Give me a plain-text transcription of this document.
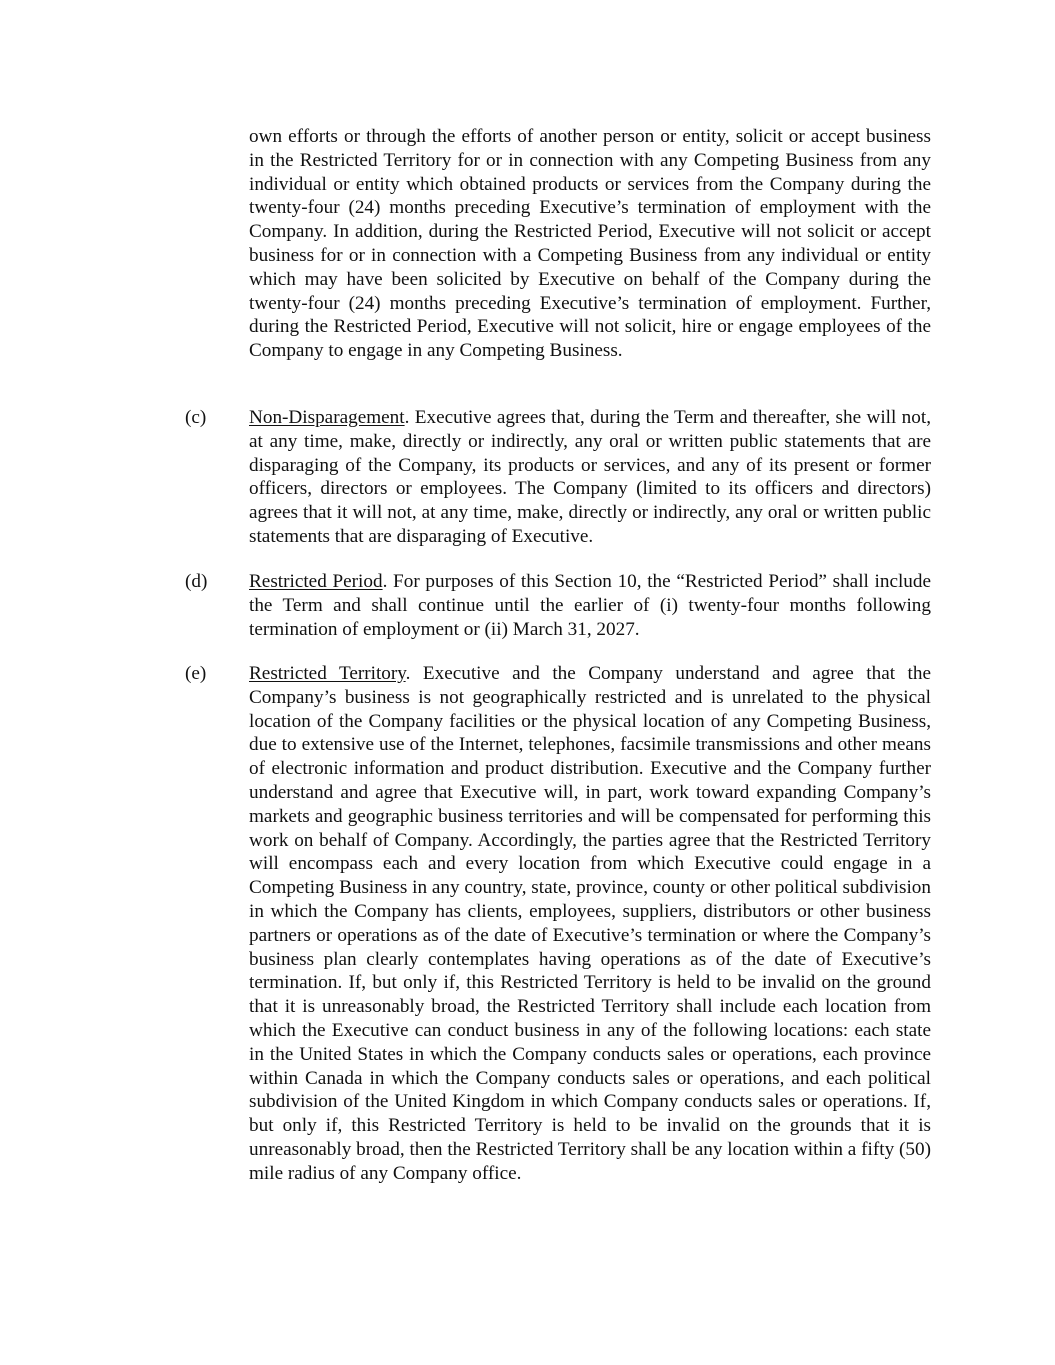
own efforts or through the efforts of another person or entity, solicit or accept business in the Restricted Territory for or in connection with any Competing Business from any individual or entity which obtained products or services from the Company during the twenty-four (24) months preceding Executive’s termination of employment with the Company. In addition, during the Restricted Period, Executive will not solicit or accept business for or in connection with a Competing Business from any individual or entity which may have been solicited by Executive on behalf of the Company during the twenty-four (24) months preceding Executive’s termination of employment. Further, during the Restricted Period, Executive will not solicit, hire or engage employees of the Company to engage in any Competing Business.

(c) Non-Disparagement. Executive agrees that, during the Term and thereafter, she will not, at any time, make, directly or indirectly, any oral or written public statements that are disparaging of the Company, its products or services, and any of its present or former officers, directors or employees. The Company (limited to its officers and directors) agrees that it will not, at any time, make, directly or indirectly, any oral or written public statements that are disparaging of Executive.

(d) Restricted Period. For purposes of this Section 10, the “Restricted Period” shall include the Term and shall continue until the earlier of (i) twenty-four months following termination of employment or (ii) March 31, 2027.

(e) Restricted Territory. Executive and the Company understand and agree that the Company’s business is not geographically restricted and is unrelated to the physical location of the Company facilities or the physical location of any Competing Business, due to extensive use of the Internet, telephones, facsimile transmissions and other means of electronic information and product distribution. Executive and the Company further understand and agree that Executive will, in part, work toward expanding Company’s markets and geographic business territories and will be compensated for performing this work on behalf of Company. Accordingly, the parties agree that the Restricted Territory will encompass each and every location from which Executive could engage in a Competing Business in any country, state, province, county or other political subdivision in which the Company has clients, employees, suppliers, distributors or other business partners or operations as of the date of Executive’s termination or where the Company’s business plan clearly contemplates having operations as of the date of Executive’s termination. If, but only if, this Restricted Territory is held to be invalid on the ground that it is unreasonably broad, the Restricted Territory shall include each location from which the Executive can conduct business in any of the following locations: each state in the United States in which the Company conducts sales or operations, each province within Canada in which the Company conducts sales or operations, and each political subdivision of the United Kingdom in which Company conducts sales or operations. If, but only if, this Restricted Territory is held to be invalid on the grounds that it is unreasonably broad, then the Restricted Territory shall be any location within a fifty (50) mile radius of any Company office.
